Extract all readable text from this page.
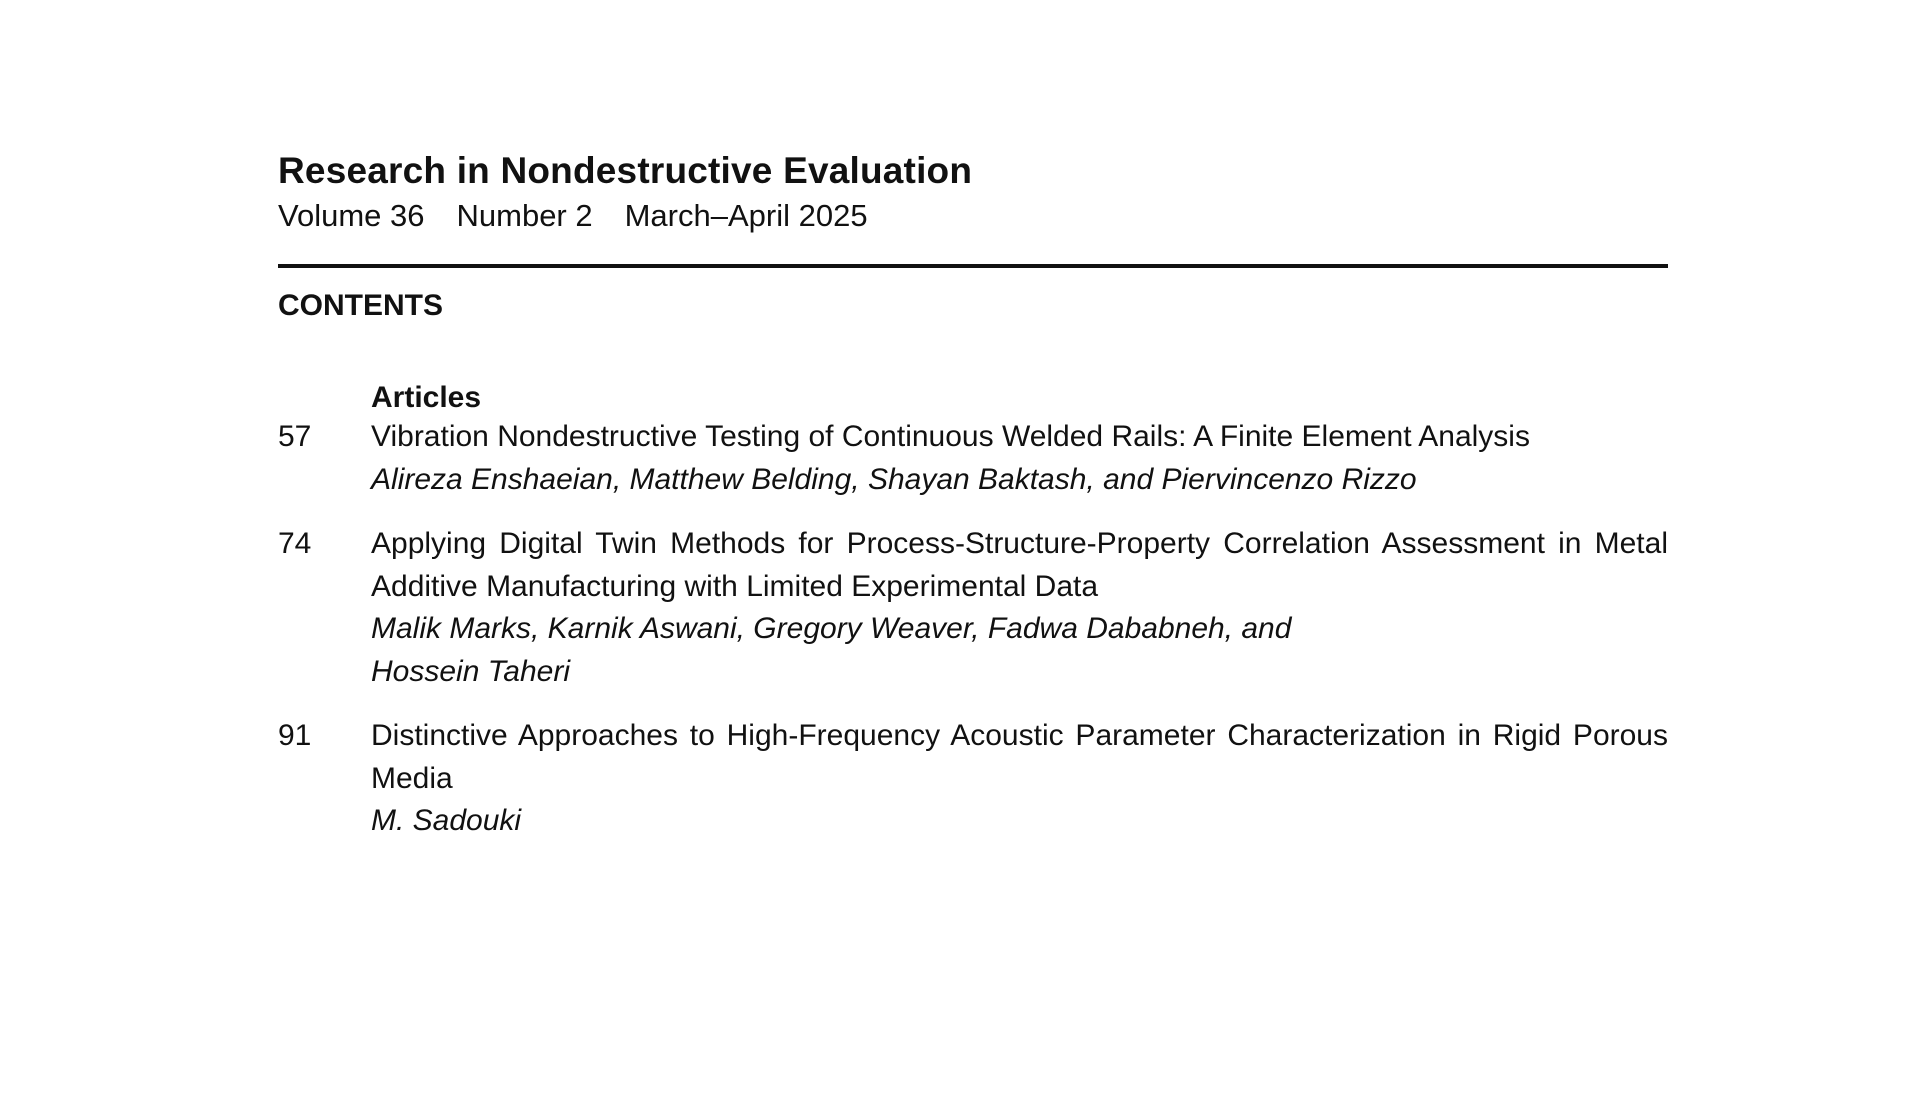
Research in Nondestructive Evaluation

Volume 36 Number 2 March–April 2025

CONTENTS
Articles
57	Vibration Nondestructive Testing of Continuous Welded Rails: A Finite Element Analysis
Alireza Enshaeian, Matthew Belding, Shayan Baktash, and Piervincenzo Rizzo
74	Applying Digital Twin Methods for Process-Structure-Property Correlation Assessment in Metal Additive Manufacturing with Limited Experimental Data
Malik Marks, Karnik Aswani, Gregory Weaver, Fadwa Dababneh, and
Hossein Taheri
91	Distinctive Approaches to High-Frequency Acoustic Parameter Characterization in Rigid Porous Media
M. Sadouki
